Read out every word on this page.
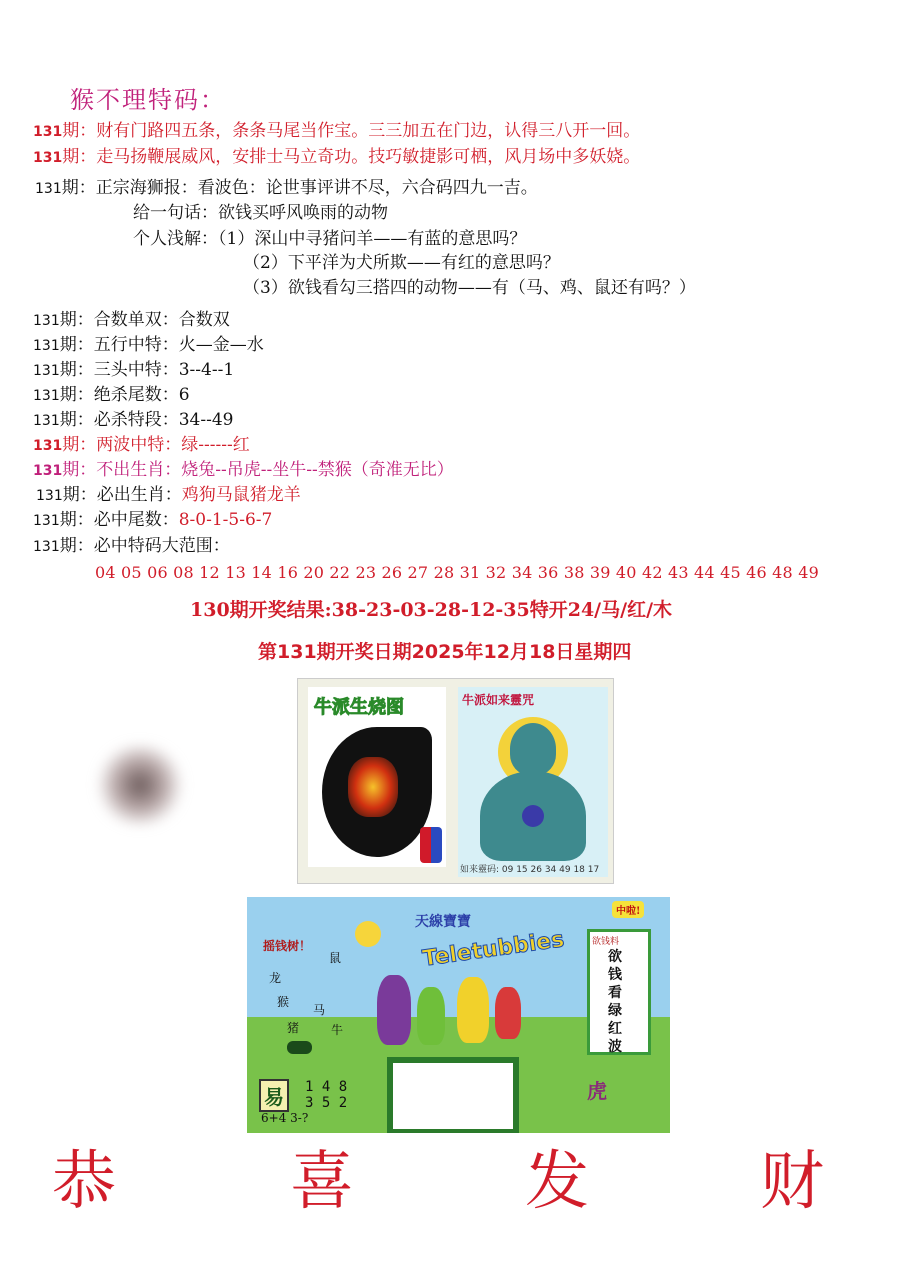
猴不理特码：
131期：财有门路四五条，条条马尾当作宝。三三加五在门边，认得三八开一回。
131期：走马扬鞭展威风，安排士马立奇功。技巧敏捷影可栖，风月场中多妖娆。
131期：正宗海狮报：看波色：论世事评讲不尽，六合码四九一吉。
给一句话：欲钱买呼风唤雨的动物
个人浅解：（1）深山中寻猪问羊——有蓝的意思吗？
（2）下平洋为犬所欺——有红的意思吗？
（3）欲钱看勾三搭四的动物——有（马、鸡、鼠还有吗？）
131期：合数单双：合数双
131期：五行中特：火—金—水
131期：三头中特：3--4--1
131期：绝杀尾数：6
131期：必杀特段：34--49
131期：两波中特：绿------红
131期：不出生肖：烧兔--吊虎--坐牛--禁猴（奇准无比）
131期：必出生肖：鸡狗马鼠猪龙羊
131期：必中尾数：8-0-1-5-6-7
131期：必中特码大范围：
04 05 06 08 12 13 14 16 20 22 23 26 27 28 31 32 34 36 38 39 40 42 43 44 45 46 48 49
130期开奖结果:38-23-03-28-12-35特开24/马/红/木
第131期开奖日期2025年12月18日星期四
牛派生烧图	牛派如来靈咒
如来靈码: 09 15 26 34 49 18 17
天線寶寶
Teletubbies
摇钱树！
龙
鼠
猴
马
猪	牛

中啦!
欲钱料
欲钱看绿红波
易	1 4 8
3 5 2
6+4 3-?
虎
恭	喜	发	财
